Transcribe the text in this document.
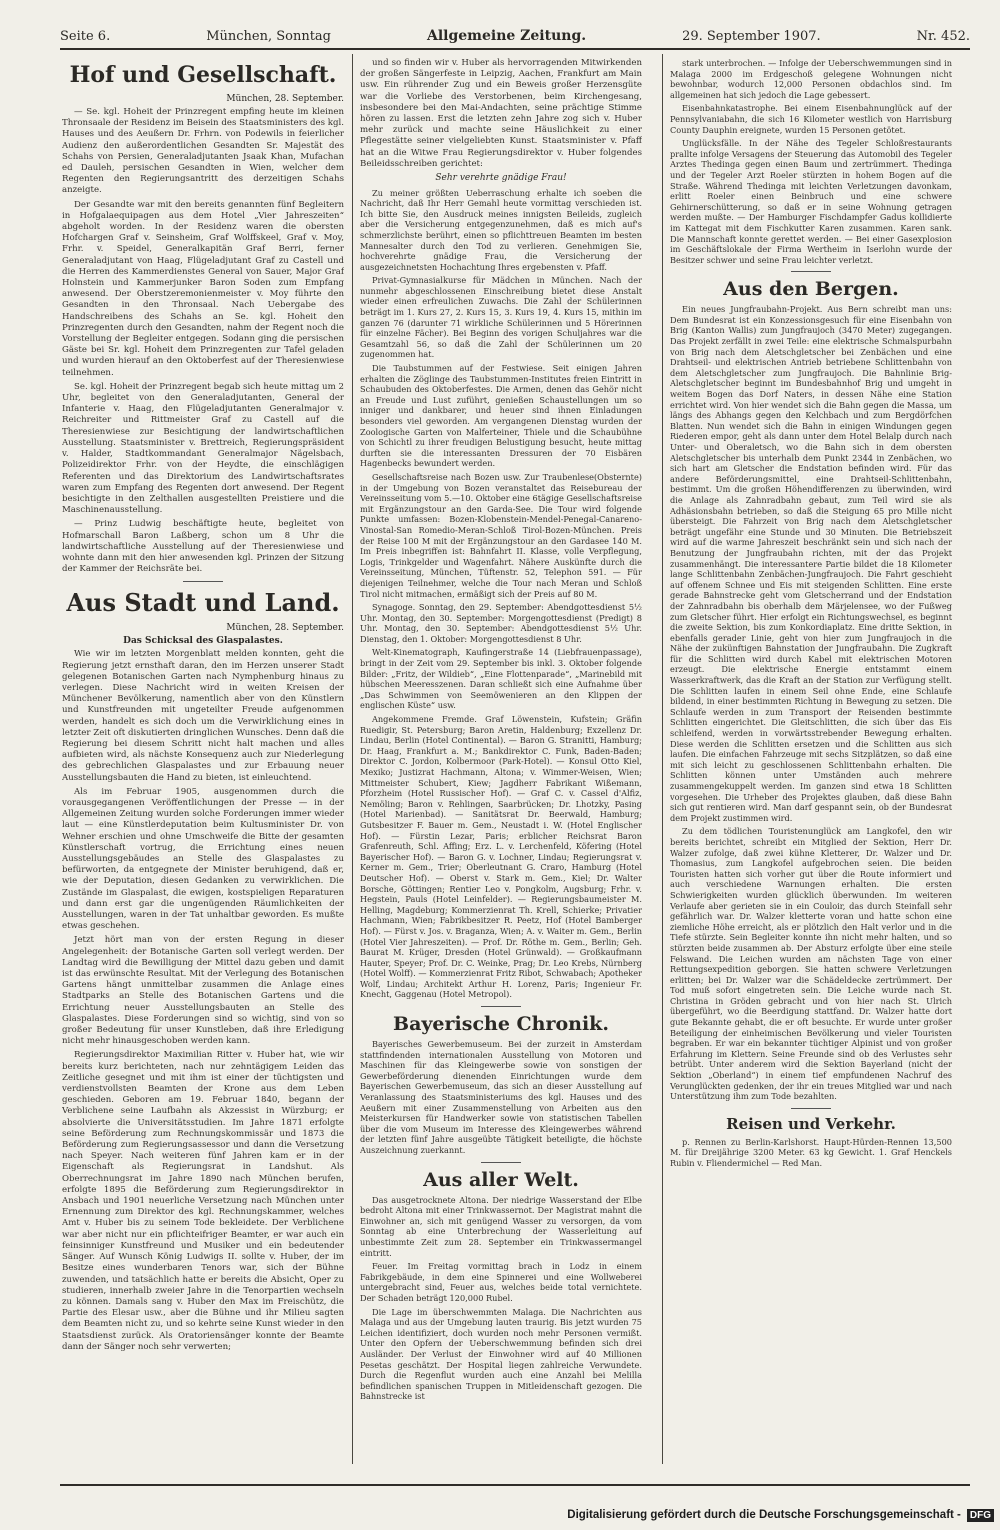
Seite 6.	München, Sonntag	Allgemeine Zeitung.	29. September 1907.	Nr. 452.
Hof und Gesellschaft.
München, 28. September.

— Se. kgl. Hoheit der Prinzregent empfing heute im kleinen Thronsaale der Residenz im Beisein des Staatsministers des kgl. Hauses und des Aeußern Dr. Frhrn. von Podewils in feierlicher Audienz den außerordentlichen Gesandten Sr. Majestät des Schahs von Persien, Generaladjutanten Jsaak Khan, Mufachan ed Dauleh, persischen Gesandten in Wien, welcher dem Regenten den Regierungsantritt des derzeitigen Schahs anzeigte.

Der Gesandte war mit den bereits genannten fünf Begleitern in Hofgalaequipagen aus dem Hotel „Vier Jahreszeiten“ abgeholt worden. In der Residenz waren die obersten Hofchargen Graf v. Seinsheim, Graf Wolffskeel, Graf v. Moy, Frhr. v. Speidel, Generalkapitän Graf Berri, ferner Generaladjutant von Haag, Flügeladjutant Graf zu Castell und die Herren des Kammerdienstes General von Sauer, Major Graf Holnstein und Kammerjunker Baron Soden zum Empfang anwesend. Der Oberstzeremonienmeister v. Moy führte den Gesandten in den Thronsaal. Nach Uebergabe des Handschreibens des Schahs an Se. kgl. Hoheit den Prinzregenten durch den Gesandten, nahm der Regent noch die Vorstellung der Begleiter entgegen. Sodann ging die persischen Gäste bei Sr. kgl. Hoheit dem Prinzregenten zur Tafel geladen und wurden hierauf an den Oktoberfest auf der Theresienwiese teilnehmen.

Se. kgl. Hoheit der Prinzregent begab sich heute mittag um 2 Uhr, begleitet von den Generaladjutanten, General der Infanterie v. Haag, den Flügeladjutanten Generalmajor v. Reichreiter und Rittmeister Graf zu Castell auf die Theresienwiese zur Besichtigung der landwirtschaftlichen Ausstellung. Staatsminister v. Brettreich, Regierungspräsident v. Halder, Stadtkommandant Generalmajor Nägelsbach, Polizeidirektor Frhr. von der Heydte, die einschlägigen Referenten und das Direktorium des Landwirtschaftsrates waren zum Empfang des Regenten dort anwesend. Der Regent besichtigte in den Zelthallen ausgestellten Preistiere und die Maschinenausstellung.

— Prinz Ludwig beschäftigte heute, begleitet von Hofmarschall Baron Laßberg, schon um 8 Uhr die landwirtschaftliche Ausstellung auf der Theresienwiese und wohnte dann mit den hier anwesenden kgl. Prinzen der Sitzung der Kammer der Reichsräte bei.

Aus Stadt und Land.
München, 28. September.
Das Schicksal des Glaspalastes.

Wie wir im letzten Morgenblatt melden konnten, geht die Regierung jetzt ernsthaft daran, den im Herzen unserer Stadt gelegenen Botanischen Garten nach Nymphenburg hinaus zu verlegen. Diese Nachricht wird in weiten Kreisen der Münchener Bevölkerung, namentlich aber von den Künstlern und Kunstfreunden mit ungeteilter Freude aufgenommen werden, handelt es sich doch um die Verwirklichung eines in letzter Zeit oft diskutierten dringlichen Wunsches. Denn daß die Regierung bei diesem Schritt nicht halt machen und alles aufbieten wird, als nächste Konsequenz auch zur Niederlegung des gebrechlichen Glaspalastes und zur Erbauung neuer Ausstellungsbauten die Hand zu bieten, ist einleuchtend.

Als im Februar 1905, ausgenommen durch die vorausgegangenen Veröffentlichungen der Presse — in der Allgemeinen Zeitung wurden solche Forderungen immer wieder laut — eine Künstlerdeputation beim Kultusminister Dr. von Wehner erschien und ohne Umschweife die Bitte der gesamten Künstlerschaft vortrug, die Errichtung eines neuen Ausstellungsgebäudes an Stelle des Glaspalastes zu befürworten, da entgegnete der Minister beruhigend, daß er, wie der Deputation, diesen Gedanken zu verwirklichen. Die Zustände im Glaspalast, die ewigen, kostspieligen Reparaturen und dann erst gar die ungenügenden Räumlichkeiten der Ausstellungen, waren in der Tat unhaltbar geworden. Es mußte etwas geschehen.

Jetzt hört man von der ersten Regung in dieser Angelegenheit: der Botanische Garten soll verlegt werden. Der Landtag wird die Bewilligung der Mittel dazu geben und damit ist das erwünschte Resultat. Mit der Verlegung des Botanischen Gartens hängt unmittelbar zusammen die Anlage eines Stadtparks an Stelle des Botanischen Gartens und die Errichtung neuer Ausstellungsbauten an Stelle des Glaspalastes. Diese Forderungen sind so wichtig, sind von so großer Bedeutung für unser Kunstleben, daß ihre Erledigung nicht mehr hinausgeschoben werden kann.

Regierungsdirektor Maximilian Ritter v. Huber hat, wie wir bereits kurz berichteten, nach nur zehntägigem Leiden das Zeitliche gesegnet und mit ihm ist einer der tüchtigsten und verdienstvollsten Beamten der Krone aus dem Leben geschieden. Geboren am 19. Februar 1840, begann der Verblichene seine Laufbahn als Akzessist in Würzburg; er absolvierte die Universitätsstudien. Im Jahre 1871 erfolgte seine Beförderung zum Rechnungskommissär und 1873 die Beförderung zum Regierungsassessor und dann die Versetzung nach Speyer. Nach weiteren fünf Jahren kam er in der Eigenschaft als Regierungsrat in Landshut. Als Oberrechnungsrat im Jahre 1890 nach München berufen, erfolgte 1895 die Beförderung zum Regierungsdirektor in Ansbach und 1901 neuerliche Versetzung nach München unter Ernennung zum Direktor des kgl. Rechnungskammer, welches Amt v. Huber bis zu seinem Tode bekleidete. Der Verblichene war aber nicht nur ein pflichteifriger Beamter, er war auch ein feinsinniger Kunstfreund und Musiker und ein bedeutender Sänger. Auf Wunsch König Ludwigs II. sollte v. Huber, der im Besitze eines wunderbaren Tenors war, sich der Bühne zuwenden, und tatsächlich hatte er bereits die Absicht, Oper zu studieren, innerhalb zweier Jahre in die Tenorpartien wechseln zu können. Damals sang v. Huber den Max im Freischütz, die Partie des Elesar usw., aber die Bühne und ihr Milieu sagten dem Beamten nicht zu, und so kehrte seine Kunst wieder in den Staatsdienst zurück. Als Oratoriensänger konnte der Beamte dann der Sänger noch sehr verwerten;

und so finden wir v. Huber als hervorragenden Mitwirkenden der großen Sängerfeste in Leipzig, Aachen, Frankfurt am Main usw. Ein rührender Zug und ein Beweis großer Herzensgüte war die Vorliebe des Verstorbenen, beim Kirchengesang, insbesondere bei den Mai-Andachten, seine prächtige Stimme hören zu lassen. Erst die letzten zehn Jahre zog sich v. Huber mehr zurück und machte seine Häuslichkeit zu einer Pflegestätte seiner vielgeliebten Kunst. Staatsminister v. Pfaff hat an die Witwe Frau Regierungsdirektor v. Huber folgendes Beileidsschreiben gerichtet:

Sehr verehrte gnädige Frau!

Zu meiner größten Ueberraschung erhalte ich soeben die Nachricht, daß Ihr Herr Gemahl heute vormittag verschieden ist. Ich bitte Sie, den Ausdruck meines innigsten Beileids, zugleich aber die Versicherung entgegenzunehmen, daß es mich auf's schmerzlichste berührt, einen so pflichttreuen Beamten im besten Mannesalter durch den Tod zu verlieren. Genehmigen Sie, hochverehrte gnädige Frau, die Versicherung der ausgezeichnetsten Hochachtung Ihres ergebensten v. Pfaff.

Privat-Gymnasialkurse für Mädchen in München. Nach der nunmehr abgeschlossenen Einschreibung bietet diese Anstalt wieder einen erfreulichen Zuwachs. Die Zahl der Schülerinnen beträgt im 1. Kurs 27, 2. Kurs 15, 3. Kurs 19, 4. Kurs 15, mithin im ganzen 76 (darunter 71 wirkliche Schülerinnen und 5 Hörerinnen für einzelne Fächer). Bei Beginn des vorigen Schuljahres war die Gesamtzahl 56, so daß die Zahl der Schülerinnen um 20 zugenommen hat.

Die Taubstummen auf der Festwiese. Seit einigen Jahren erhalten die Zöglinge des Taubstummen-Institutes freien Eintritt in Schaubuden des Oktoberfestes. Die Armen, denen das Gehör nicht an Freude und Lust zuführt, genießen Schaustellungen um so inniger und dankbarer, und heuer sind ihnen Einladungen besonders viel geworden. Am vergangenen Dienstag wurden der Zoologische Garten von Malferteiner, Thiele und die Schaubühne von Schichtl zu ihrer freudigen Belustigung besucht, heute mittag durften sie die interessanten Dressuren der 70 Eisbären Hagenbecks bewundert werden.

Gesellschaftsreise nach Bozen usw. Zur Traubenlese(Obsternte) in der Umgebung von Bozen veranstaltet das Reisebureau der Vereinsseitung vom 5.—10. Oktober eine 6tägige Gesellschaftsreise mit Ergänzungstour an den Garda-See. Die Tour wird folgende Punkte umfassen: Bozen-Klobenstein-Mendel-Penegal-Canareno-Vinostal-San Romedio-Meran-Schloß Tirol-Bozen-München. Preis der Reise 100 M mit der Ergänzungstour an den Gardasee 140 M. Im Preis inbegriffen ist: Bahnfahrt II. Klasse, volle Verpflegung, Logis, Trinkgelder und Wagenfahrt. Nähere Auskünfte durch die Vereinsseitung, München, Tüftenstr. 52, Telephon 591. — Für diejenigen Teilnehmer, welche die Tour nach Meran und Schloß Tirol nicht mitmachen, ermäßigt sich der Preis auf 80 M.

Synagoge. Sonntag, den 29. September: Abendgottesdienst 5½ Uhr. Montag, den 30. September: Morgengottesdienst (Predigt) 8 Uhr. Montag, den 30. September: Abendgottesdienst 5½ Uhr. Dienstag, den 1. Oktober: Morgengottesdienst 8 Uhr.

Welt-Kinematograph, Kaufingerstraße 14 (Liebfrauenpassage), bringt in der Zeit vom 29. September bis inkl. 3. Oktober folgende Bilder: „Fritz, der Wildieb“, „Eine Flottenparade“, „Marinebild mit hübschen Meeresszenen. Daran schließt sich eine Aufnahme über „Das Schwimmen von Seemöwenieren an den Klippen der englischen Küste“ usw.

Angekommene Fremde. Graf Löwenstein, Kufstein; Gräfin Ruedigir, St. Petersburg; Baron Aretin, Haldenburg; Exzellenz Dr. Lindau, Berlin (Hotel Continental). — Baron G. Stranitti, Hamburg; Dr. Haag, Frankfurt a. M.; Bankdirektor C. Funk, Baden-Baden; Direktor C. Jordon, Kolbermoor (Park-Hotel). — Konsul Otto Kiel, Mexiko; Justizrat Hachmann, Altona; v. Wimmer-Weisen, Wien; Mittmeister Schubert, Kiew; Jagdherr Fabrikant Wißemann, Pforzheim (Hotel Russischer Hof). — Graf C. v. Cassel d'Alfiz, Nemöling; Baron v. Rehlingen, Saarbrücken; Dr. Lhotzky, Pasing (Hotel Marienbad). — Sanitätsrat Dr. Beerwald, Hamburg; Gutsbesitzer F. Bauer m. Gem., Neustadt i. W. (Hotel Englischer Hof). — Fürstin Lezar, Paris; erblicher Reichsrat Baron Grafenreuth, Schl. Affing; Erz. L. v. Lerchenfeld, Köfering (Hotel Bayerischer Hof). — Baron G. v. Lochner, Lindau; Regierungsrat v. Kerner m. Gem., Trier; Oberleutnant G. Craro, Hamburg (Hotel Deutscher Hof). — Oberst v. Stark m. Gem., Kiel; Dr. Walter Borsche, Göttingen; Rentier Leo v. Pongkolm, Augsburg; Frhr. v. Hegstein, Pauls (Hotel Leinfelder). — Regierungsbaumeister M. Helling, Magdeburg; Kommerzienrat Th. Krell, Schierke; Privatier Hachmann, Wien; Fabrikbesitzer R. Peetz, Hof (Hotel Bamberger Hof). — Fürst v. Jos. v. Braganza, Wien; A. v. Waiter m. Gem., Berlin (Hotel Vier Jahreszeiten). — Prof. Dr. Röthe m. Gem., Berlin; Geh. Baurat M. Krüger, Dresden (Hotel Grünwald). — Großkaufmann Hauter, Speyer; Prof. Dr. C. Weinke, Prag; Dr. Leo Krebs, Nürnberg (Hotel Wolff). — Kommerzienrat Fritz Ribot, Schwabach; Apotheker Wolf, Lindau; Architekt Arthur H. Lorenz, Paris; Ingenieur Fr. Knecht, Gaggenau (Hotel Metropol).

Bayerische Chronik.

Bayerisches Gewerbemuseum. Bei der zurzeit in Amsterdam stattfindenden internationalen Ausstellung von Motoren und Maschinen für das Kleingewerbe sowie von sonstigen der Gewerbeförderung dienenden Einrichtungen wurde dem Bayerischen Gewerbemuseum, das sich an dieser Ausstellung auf Veranlassung des Staatsministeriums des kgl. Hauses und des Aeußern mit einer Zusammenstellung von Arbeiten aus den Meisterkursen für Handwerker sowie von statistischen Tabellen über die vom Museum im Interesse des Kleingewerbes während der letzten fünf Jahre ausgeübte Tätigkeit beteiligte, die höchste Auszeichnung zuerkannt.

Aus aller Welt.

Das ausgetrocknete Altona. Der niedrige Wasserstand der Elbe bedroht Altona mit einer Trinkwassernot. Der Magistrat mahnt die Einwohner an, sich mit genügend Wasser zu versorgen, da vom Sonntag ab eine Unterbrechung der Wasserleitung auf unbestimmte Zeit zum 28. September ein Trinkwassermangel eintritt.

Feuer. Im Freitag vormittag brach in Lodz in einem Fabrikgebäude, in dem eine Spinnerei und eine Wollweberei untergebracht sind, Feuer aus, welches beide total vernichtete. Der Schaden beträgt 120,000 Rubel.

Die Lage im überschwemmten Malaga. Die Nachrichten aus Malaga und aus der Umgebung lauten traurig. Bis jetzt wurden 75 Leichen identifiziert, doch wurden noch mehr Personen vermißt. Unter den Opfern der Ueberschwemmung befinden sich drei Ausländer. Der Verlust der Einwohner wird auf 40 Millionen Pesetas geschätzt. Der Hospital liegen zahlreiche Verwundete. Durch die Regenflut wurden auch eine Anzahl bei Melilla befindlichen spanischen Truppen in Mitleidenschaft gezogen. Die Bahnstrecke ist

stark unterbrochen. — Infolge der Ueberschwemmungen sind in Malaga 2000 im Erdgeschoß gelegene Wohnungen nicht bewohnbar, wodurch 12,000 Personen obdachlos sind. Im allgemeinen hat sich jedoch die Lage gebessert.

Eisenbahnkatastrophe. Bei einem Eisenbahnunglück auf der Pennsylvaniabahn, die sich 16 Kilometer westlich von Harrisburg County Dauphin ereignete, wurden 15 Personen getötet.

Unglücksfälle. In der Nähe des Tegeler Schloßrestaurants prallte infolge Versagens der Steuerung das Automobil des Tegeler Arztes Thedinga gegen einen Baum und zertrümmert. Thedinga und der Tegeler Arzt Roeler stürzten in hohem Bogen auf die Straße. Während Thedinga mit leichten Verletzungen davonkam, erlitt Roeler einen Beinbruch und eine schwere Gehirnerschütterung, so daß er in seine Wohnung getragen werden mußte. — Der Hamburger Fischdampfer Gadus kollidierte im Kattegat mit dem Fischkutter Karen zusammen. Karen sank. Die Mannschaft konnte gerettet werden. — Bei einer Gasexplosion im Geschäftslokale der Firma Wertheim in Iserlohn wurde der Besitzer schwer und seine Frau leichter verletzt.

Aus den Bergen.

Ein neues Jungfraubahn-Projekt. Aus Bern schreibt man uns: Dem Bundesrat ist ein Konzessionsgesuch für eine Eisenbahn von Brig (Kanton Wallis) zum Jungfraujoch (3470 Meter) zugegangen. Das Projekt zerfällt in zwei Teile: eine elektrische Schmalspurbahn von Brig nach dem Aletschgletscher bei Zenbächen und eine Drahtseil- und elektrischen Antrieb betriebene Schlittenbahn von dem Aletschgletscher zum Jungfraujoch. Die Bahnlinie Brig-Aletschgletscher beginnt im Bundesbahnhof Brig und umgeht in weitem Bogen das Dorf Naters, in dessen Nähe eine Station errichtet wird. Von hier wendet sich die Bahn gegen die Massa, um längs des Abhangs gegen den Kelchbach und zum Bergdörfchen Blatten. Nun wendet sich die Bahn in einigen Windungen gegen Riederen empor, geht als dann unter dem Hotel Belalp durch nach Unter- und Oberaletsch, wo die Bahn sich in dem obersten Aletschgletscher bis unterhalb dem Punkt 2344 in Zenbächen, wo sich hart am Gletscher die Endstation befinden wird. Für das andere Beförderungsmittel, eine Drahtseil-Schlittenbahn, bestimmt. Um die großen Höhendifferenzen zu überwinden, wird die Anlage als Zahnradbahn gebaut, zum Teil wird sie als Adhäsionsbahn betrieben, so daß die Steigung 65 pro Mille nicht übersteigt. Die Fahrzeit von Brig nach dem Aletschgletscher beträgt ungefähr eine Stunde und 30 Minuten. Die Betriebszeit wird auf die warme Jahreszeit beschränkt sein und sich nach der Benutzung der Jungfraubahn richten, mit der das Projekt zusammenhängt. Die interessantere Partie bildet die 18 Kilometer lange Schlittenbahn Zenbächen-Jungfraujoch. Die Fahrt geschieht auf offenem Schnee und Eis mit steigenden Schlitten. Eine erste gerade Bahnstrecke geht vom Gletscherrand und der Endstation der Zahnradbahn bis oberhalb dem Märjelensee, wo der Fußweg zum Gletscher führt. Hier erfolgt ein Richtungswechsel, es beginnt die zweite Sektion, bis zum Konkordiaplatz. Eine dritte Sektion, in ebenfalls gerader Linie, geht von hier zum Jungfraujoch in die Nähe der zukünftigen Bahnstation der Jungfraubahn. Die Zugkraft für die Schlitten wird durch Kabel mit elektrischen Motoren erzeugt. Die elektrische Energie entstammt einem Wasserkraftwerk, das die Kraft an der Station zur Verfügung stellt. Die Schlitten laufen in einem Seil ohne Ende, eine Schlaufe bildend, in einer bestimmten Richtung in Bewegung zu setzen. Die Schlaufe werden in zum Transport der Reisenden bestimmte Schlitten eingerichtet. Die Gleitschlitten, die sich über das Eis schleifend, werden in vorwärtsstrebender Bewegung erhalten. Diese werden die Schlitten ersetzen und die Schlitten aus sich laufen. Die einfachen Fahrzeuge mit sechs Sitzplätzen, so daß eine mit sich leicht zu geschlossenen Schlittenbahn erhalten. Die Schlitten können unter Umständen auch mehrere zusammengekuppelt werden. Im ganzen sind etwa 18 Schlitten vorgesehen. Die Urheber des Projektes glauben, daß diese Bahn sich gut rentieren wird. Man darf gespannt sein, ob der Bundesrat dem Projekt zustimmen wird.

Zu dem tödlichen Touristenunglück am Langkofel, den wir bereits berichtet, schreibt ein Mitglied der Sektion, Herr Dr. Walzer zufolge, daß zwei kühne Kletterer, Dr. Walzer und Dr. Thomasius, zum Langkofel aufgebrochen seien. Die beiden Touristen hatten sich vorher gut über die Route informiert und auch verschiedene Warnungen erhalten. Die ersten Schwierigkeiten wurden glücklich überwunden. Im weiteren Verlaufe aber gerieten sie in ein Couloir, das durch Steinfall sehr gefährlich war. Dr. Walzer kletterte voran und hatte schon eine ziemliche Höhe erreicht, als er plötzlich den Halt verlor und in die Tiefe stürzte. Sein Begleiter konnte ihn nicht mehr halten, und so stürzten beide zusammen ab. Der Absturz erfolgte über eine steile Felswand. Die Leichen wurden am nächsten Tage von einer Rettungsexpedition geborgen. Sie hatten schwere Verletzungen erlitten; bei Dr. Walzer war die Schädeldecke zertrümmert. Der Tod muß sofort eingetreten sein. Die Leiche wurde nach St. Christina in Gröden gebracht und von hier nach St. Ulrich übergeführt, wo die Beerdigung stattfand. Dr. Walzer hatte dort gute Bekannte gehabt, die er oft besuchte. Er wurde unter großer Beteiligung der einheimischen Bevölkerung und vieler Touristen begraben. Er war ein bekannter tüchtiger Alpinist und von großer Erfahrung im Klettern. Seine Freunde sind ob des Verlustes sehr betrübt. Unter anderem wird die Sektion Bayerland (nicht der Sektion „Oberland“) in einem tief empfundenen Nachruf des Verunglückten gedenken, der ihr ein treues Mitglied war und nach Unterstützung ihm zum Tode bezahlten.

Reisen und Verkehr.

p. Rennen zu Berlin-Karlshorst. Haupt-Hürden-Rennen 13,500 M. für Dreijährige 3200 Meter. 63 kg Gewicht. 1. Graf Henckels Rubin v. Fliendermichel — Red Man.

Digitalisierung gefördert durch die Deutsche Forschungsgemeinschaft - DFG
